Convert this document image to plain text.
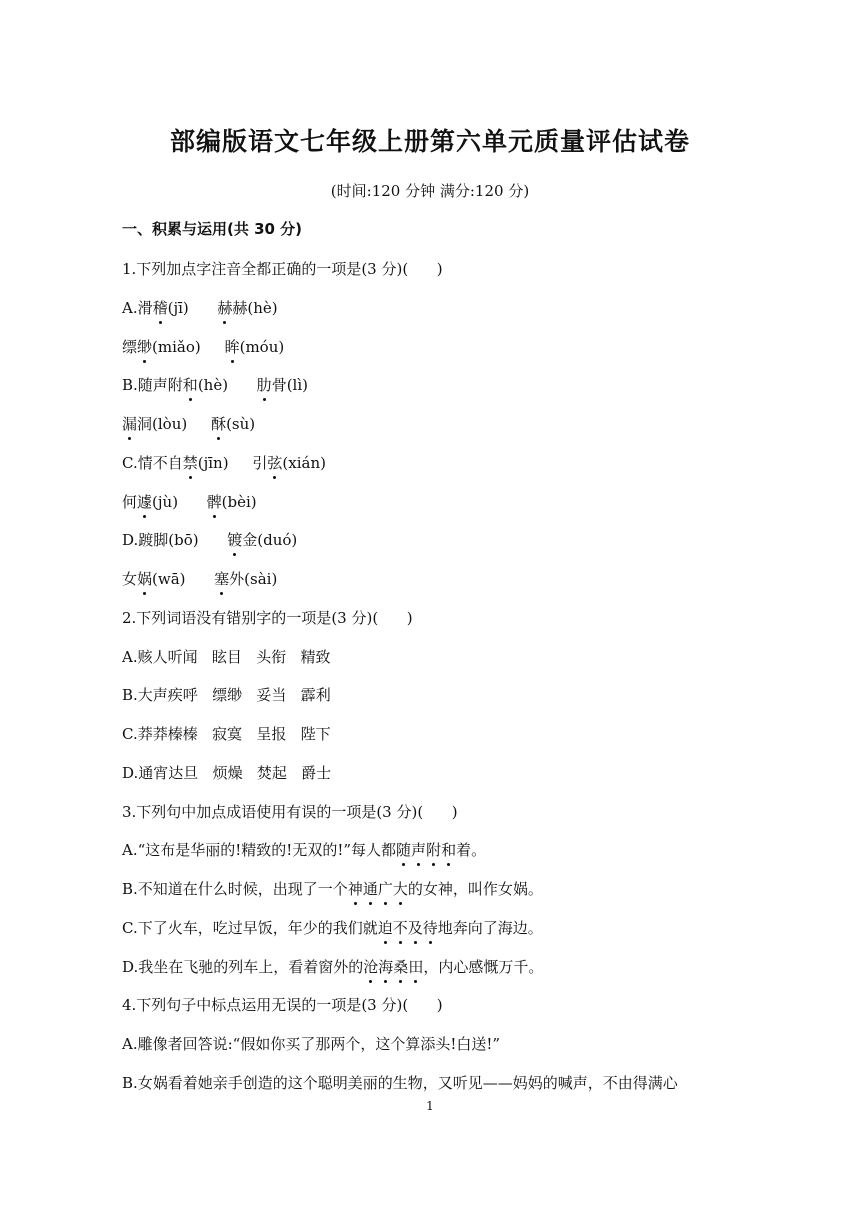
部编版语文七年级上册第六单元质量评估试卷
(时间:120 分钟 满分:120 分)
一、积累与运用(共 30 分)
1.下列加点字注音全都正确的一项是(3 分)(      )
A.滑稽(jī)      赫赫(hè)
缥缈(miǎo)     眸(móu)
B.随声附和(hè)      肋骨(lì)
漏洞(lòu)     酥(sù)
C.情不自禁(jīn)     引弦(xián)
何遽(jù)      髀(bèi)
D.踱脚(bō)      镀金(duó)
女娲(wā)      塞外(sài)
2.下列词语没有错别字的一项是(3 分)(      )
A.赅人听闻   眩目   头衔   精致
B.大声疾呼   缥缈   妥当   霹利
C.莽莽榛榛   寂寞   呈报   陛下
D.通宵达旦   烦燥   焚起   爵士
3.下列句中加点成语使用有误的一项是(3 分)(      )
A.“这布是华丽的!精致的!无双的!”每人都随声附和着。
B.不知道在什么时候，出现了一个神通广大的女神，叫作女娲。
C.下了火车，吃过早饭，年少的我们就迫不及待地奔向了海边。
D.我坐在飞驰的列车上，看着窗外的沧海桑田，内心感慨万千。
4.下列句子中标点运用无误的一项是(3 分)(      )
A.雕像者回答说:“假如你买了那两个，这个算添头!白送!”
B.女娲看着她亲手创造的这个聪明美丽的生物，又听见——妈妈的喊声，不由得满心
1
